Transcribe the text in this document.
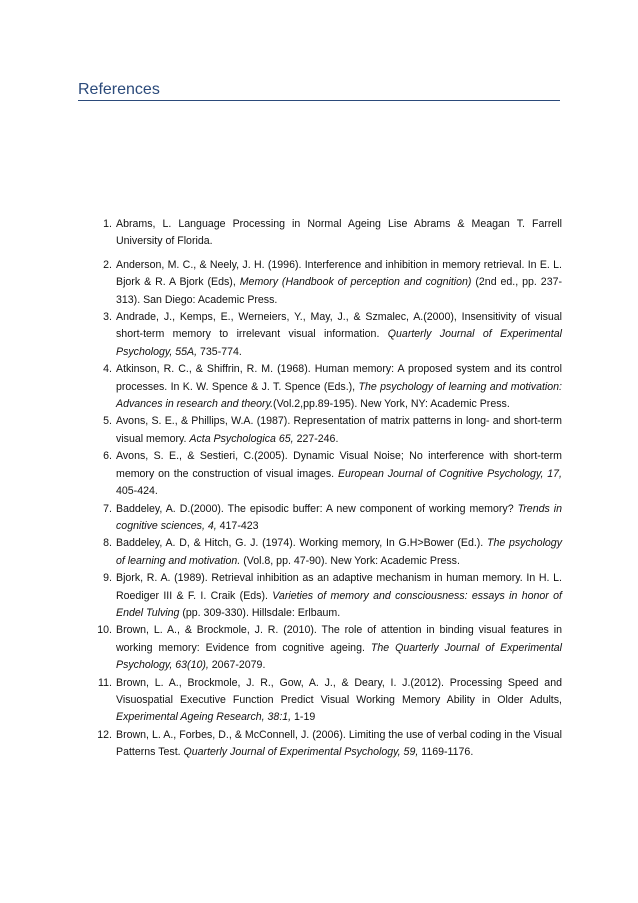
References
1. Abrams, L. Language Processing in Normal Ageing Lise Abrams & Meagan T. Farrell University of Florida.
2. Anderson, M. C., & Neely, J. H. (1996). Interference and inhibition in memory retrieval. In E. L. Bjork & R. A Bjork (Eds), Memory (Handbook of perception and cognition) (2nd ed., pp. 237-313). San Diego: Academic Press.
3. Andrade, J., Kemps, E., Werneiers, Y., May, J., & Szmalec, A.(2000), Insensitivity of visual short-term memory to irrelevant visual information. Quarterly Journal of Experimental Psychology, 55A, 735-774.
4. Atkinson, R. C., & Shiffrin, R. M. (1968). Human memory: A proposed system and its control processes. In K. W. Spence & J. T. Spence (Eds.), The psychology of learning and motivation: Advances in research and theory.(Vol.2,pp.89-195). New York, NY: Academic Press.
5. Avons, S. E., & Phillips, W.A. (1987). Representation of matrix patterns in long- and short-term visual memory. Acta Psychologica 65, 227-246.
6. Avons, S. E., & Sestieri, C.(2005). Dynamic Visual Noise; No interference with short-term memory on the construction of visual images. European Journal of Cognitive Psychology, 17, 405-424.
7. Baddeley, A. D.(2000). The episodic buffer: A new component of working memory? Trends in cognitive sciences, 4, 417-423
8. Baddeley, A. D, & Hitch, G. J. (1974). Working memory, In G.H>Bower (Ed.). The psychology of learning and motivation. (Vol.8, pp. 47-90). New York: Academic Press.
9. Bjork, R. A. (1989). Retrieval inhibition as an adaptive mechanism in human memory. In H. L. Roediger III & F. I. Craik (Eds). Varieties of memory and consciousness: essays in honor of Endel Tulving (pp. 309-330). Hillsdale: Erlbaum.
10. Brown, L. A., & Brockmole, J. R. (2010). The role of attention in binding visual features in working memory: Evidence from cognitive ageing. The Quarterly Journal of Experimental Psychology, 63(10), 2067-2079.
11. Brown, L. A., Brockmole, J. R., Gow, A. J., & Deary, I. J.(2012). Processing Speed and Visuospatial Executive Function Predict Visual Working Memory Ability in Older Adults, Experimental Ageing Research, 38:1, 1-19
12. Brown, L. A., Forbes, D., & McConnell, J. (2006). Limiting the use of verbal coding in the Visual Patterns Test. Quarterly Journal of Experimental Psychology, 59, 1169-1176.
